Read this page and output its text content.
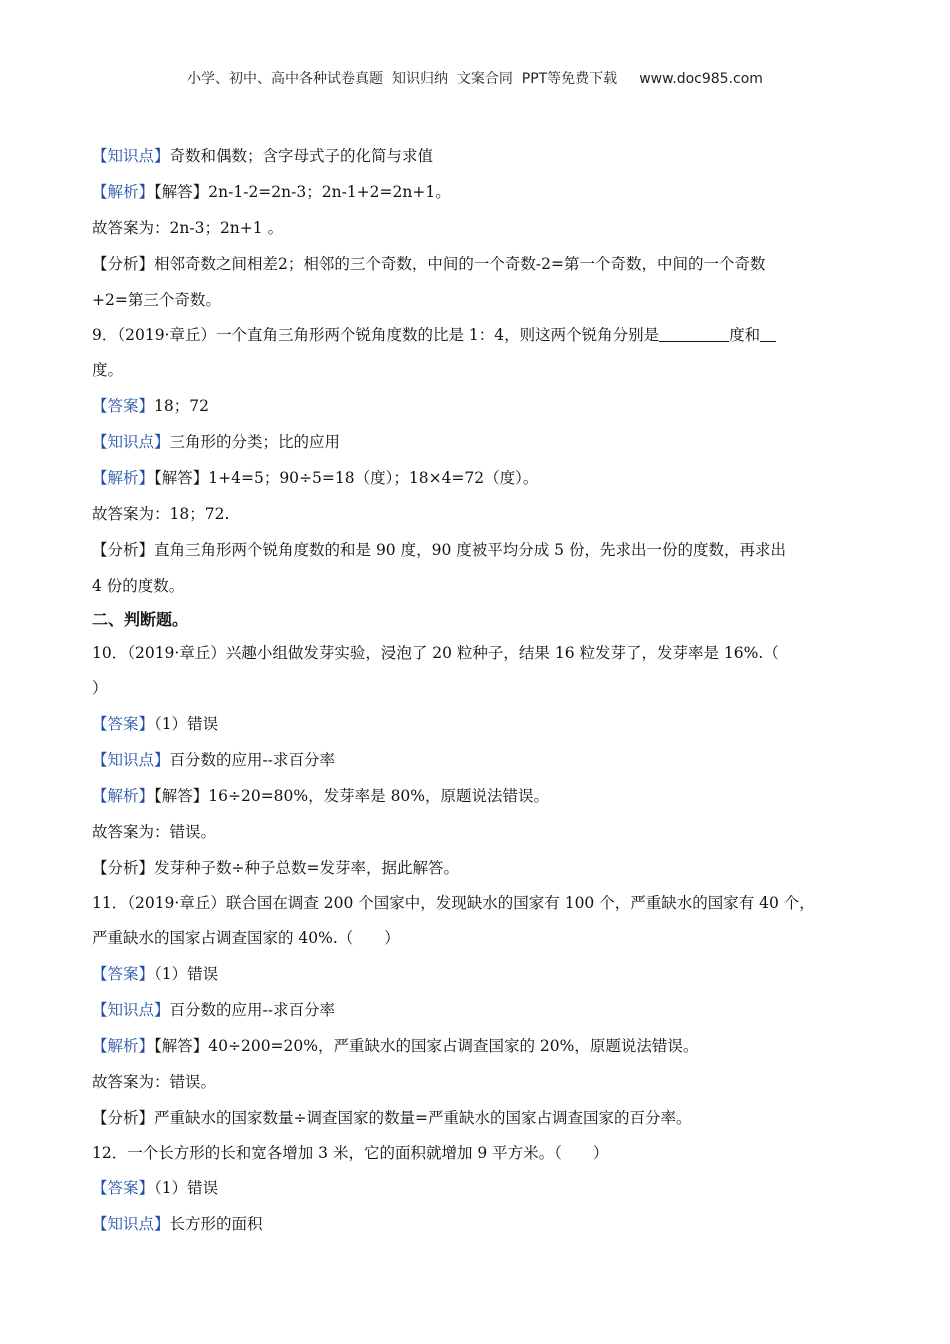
小学、初中、高中各种试卷真题  知识归纳  文案合同  PPT等免费下载 www.doc985.com
【知识点】奇数和偶数；含字母式子的化简与求值
【解析】【解答】2n-1-2=2n-3；2n-1+2=2n+1。
故答案为：2n-3；2n+1 。
【分析】相邻奇数之间相差2；相邻的三个奇数，中间的一个奇数-2=第一个奇数，中间的一个奇数
+2=第三个奇数。
9．（2019·章丘）一个直角三角形两个锐角度数的比是 1：4，则这两个锐角分别是	度和
度。
【答案】18；72
【知识点】三角形的分类；比的应用
【解析】【解答】1+4=5；90÷5=18（度）；18×4=72（度）。
故答案为：18；72.
【分析】直角三角形两个锐角度数的和是 90 度，90 度被平均分成 5 份，先求出一份的度数，再求出
4 份的度数。
二、判断题。
10．（2019·章丘）兴趣小组做发芽实验，浸泡了 20 粒种子，结果 16 粒发芽了，发芽率是 16%.（
）
【答案】（1）错误
【知识点】百分数的应用--求百分率
【解析】【解答】16÷20=80%，发芽率是 80%，原题说法错误。
故答案为：错误。
【分析】发芽种子数÷种子总数=发芽率，据此解答。
11．（2019·章丘）联合国在调查 200 个国家中，发现缺水的国家有 100 个，严重缺水的国家有 40 个，
严重缺水的国家占调查国家的 40%.（　　）
【答案】（1）错误
【知识点】百分数的应用--求百分率
【解析】【解答】40÷200=20%，严重缺水的国家占调查国家的 20%，原题说法错误。
故答案为：错误。
【分析】严重缺水的国家数量÷调查国家的数量=严重缺水的国家占调查国家的百分率。
12．一个长方形的长和宽各增加 3 米，它的面积就增加 9 平方米。（　　）
【答案】（1）错误
【知识点】长方形的面积
